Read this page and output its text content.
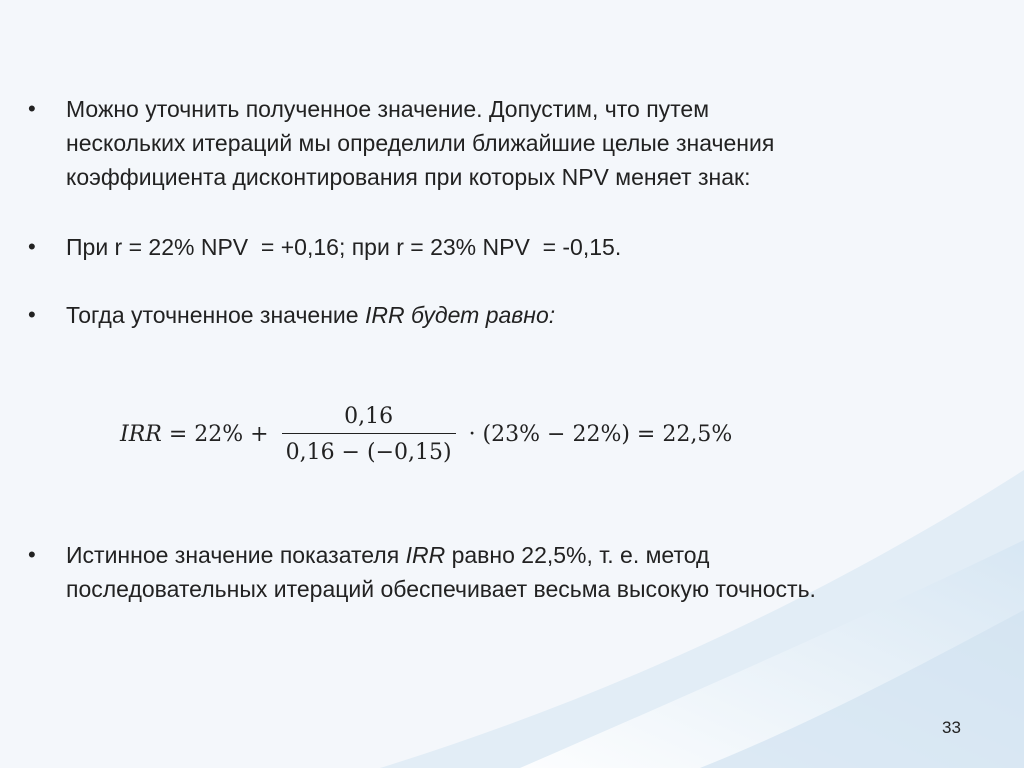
•	Можно уточнить полученное значение. Допустим, что путем
нескольких итераций мы определили ближайшие целые значения
коэффициента дисконтирования при которых NPV меняет знак:
•	При r = 22% NPV  = +0,16; при r = 23% NPV  = -0,15.
•	Тогда уточненное значение IRR будет равно:
IRR = $22\% + \frac{0,16}{0,16 - (-0,15)} \cdot (23\% - 22\%) = 22,5\%$
•	Истинное значение показателя IRR равно 22,5%, т. е. метод
последовательных итераций обеспечивает весьма высокую точность.
33
